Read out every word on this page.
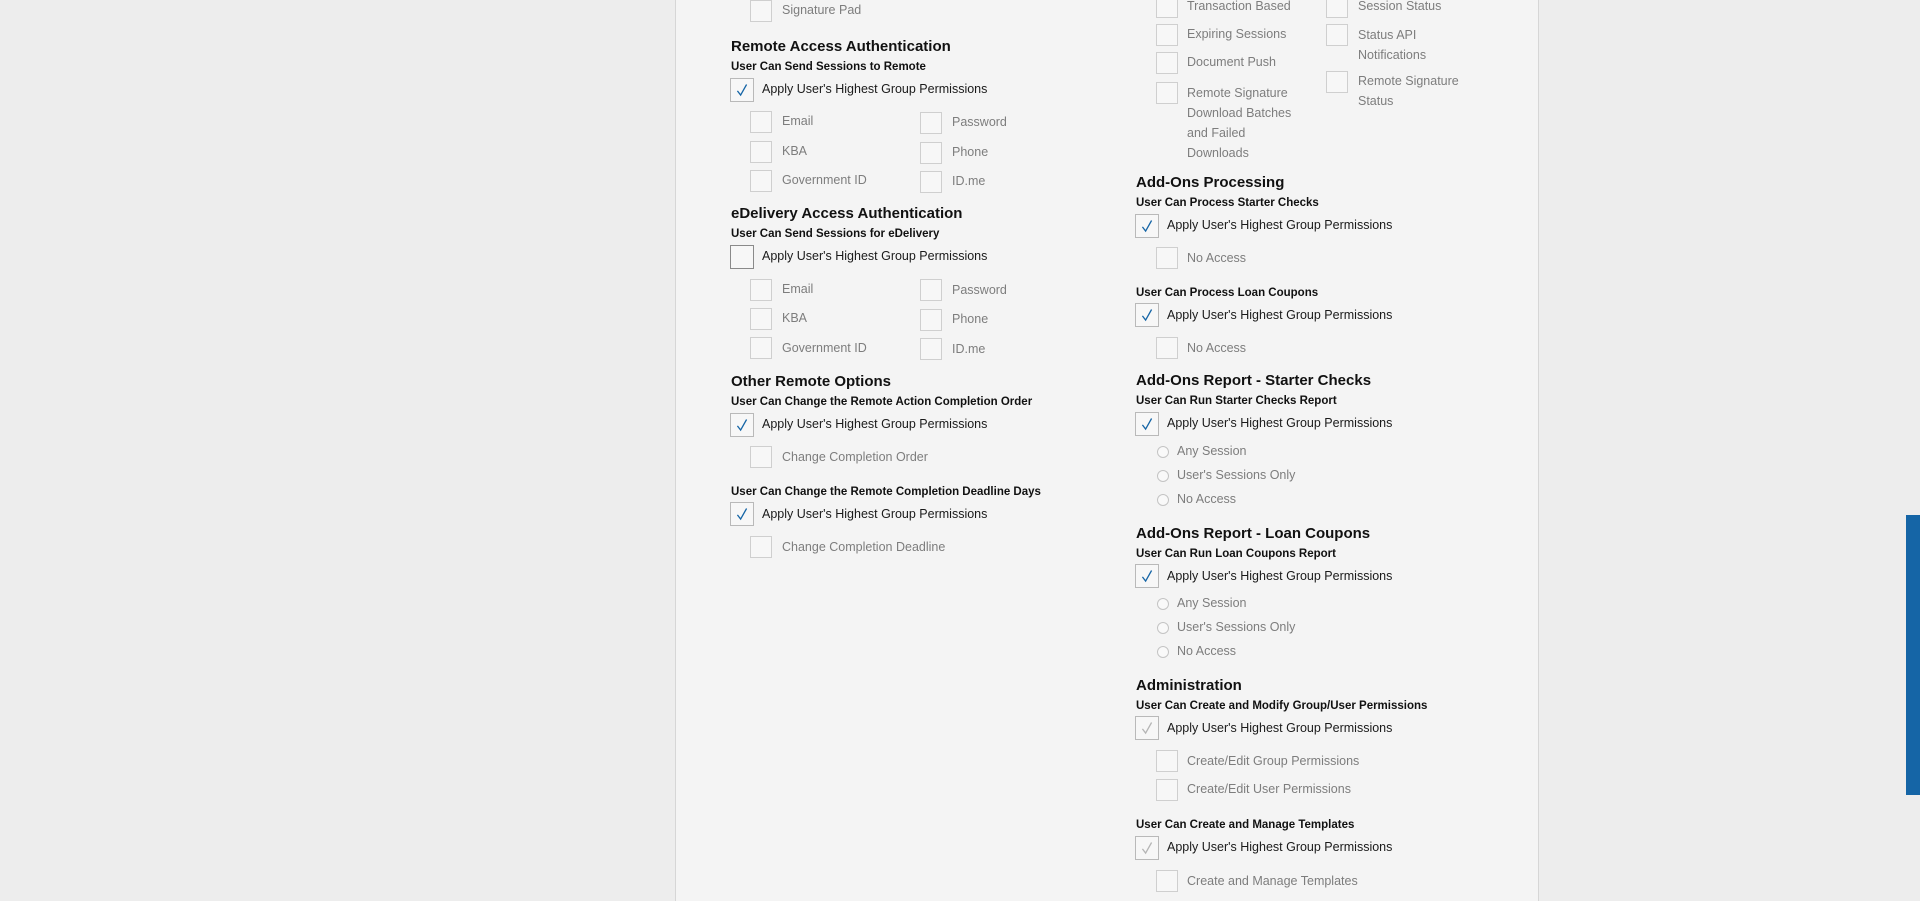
Signature Pad
Remote Access Authentication
User Can Send Sessions to Remote
Apply User's Highest Group Permissions
Email	Password
KBA	Phone
Government ID	ID.me
eDelivery Access Authentication
User Can Send Sessions for eDelivery
Apply User's Highest Group Permissions
Email	Password
KBA	Phone
Government ID	ID.me
Other Remote Options
User Can Change the Remote Action Completion Order
Apply User's Highest Group Permissions
Change Completion Order
User Can Change the Remote Completion Deadline Days
Apply User's Highest Group Permissions
Change Completion Deadline
Transaction Based
Expiring Sessions
Document Push
Remote Signature Download Batches and Failed Downloads
Session Status
Status API Notifications
Remote Signature Status
Add-Ons Processing
User Can Process Starter Checks
Apply User's Highest Group Permissions
No Access
User Can Process Loan Coupons
Apply User's Highest Group Permissions
No Access
Add-Ons Report - Starter Checks
User Can Run Starter Checks Report
Apply User's Highest Group Permissions
Any Session
User's Sessions Only
No Access
Add-Ons Report - Loan Coupons
User Can Run Loan Coupons Report
Apply User's Highest Group Permissions
Any Session
User's Sessions Only
No Access
Administration
User Can Create and Modify Group/User Permissions
Apply User's Highest Group Permissions
Create/Edit Group Permissions
Create/Edit User Permissions
User Can Create and Manage Templates
Apply User's Highest Group Permissions
Create and Manage Templates
